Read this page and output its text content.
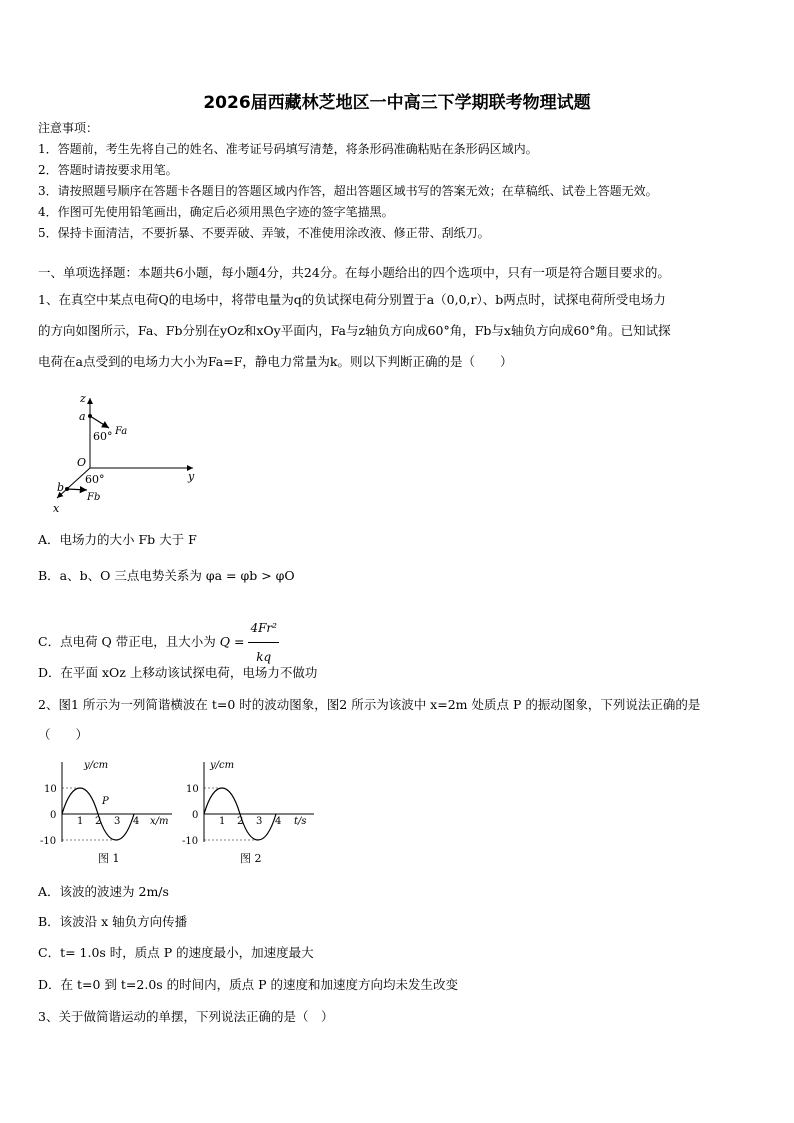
2026届西藏林芝地区一中高三下学期联考物理试题
注意事项：
1．答题前，考生先将自己的姓名、准考证号码填写清楚，将条形码准确粘贴在条形码区域内。
2．答题时请按要求用笔。
3．请按照题号顺序在答题卡各题目的答题区域内作答，超出答题区域书写的答案无效；在草稿纸、试卷上答题无效。
4．作图可先使用铅笔画出，确定后必须用黑色字迹的签字笔描黑。
5．保持卡面清洁，不要折暴、不要弄破、弄皱，不准使用涂改液、修正带、刮纸刀。
一、单项选择题：本题共6小题，每小题4分，共24分。在每小题给出的四个选项中，只有一项是符合题目要求的。
1、在真空中某点电荷Q的电场中，将带电量为q的负试探电荷分别置于a（0,0,r）、b两点时，试探电荷所受电场力
的方向如图所示，Fa、Fb分别在yOz和xOy平面内，Fa与z轴负方向成60°角，Fb与x轴负方向成60°角。已知试探
电荷在a点受到的电场力大小为Fa=F，静电力常量为k。则以下判断正确的是（　　）
z
y
x
O
a
b
60°
60°
Fa
Fb
A．电场力的大小 Fb 大于 F
B．a、b、O 三点电势关系为 φa = φb > φO
C．点电荷 Q 带正电，且大小为 $Q = \frac{\text{4Fr²}}{kq}$
D．在平面 xOz 上移动该试探电荷，电场力不做功
2、图1 所示为一列简谐横波在 t=0 时的波动图象，图2 所示为该波中 x=2m 处质点 P 的振动图象，下列说法正确的是
（　　）
y/cm
x/m
P
10
0
-10
1 2 3 4
图 1
y/cm
t/s
10
0
-10
1 2 3 4
图 2
A．该波的波速为 2m/s
B．该波沿 x 轴负方向传播
C．t= 1.0s 时，质点 P 的速度最小，加速度最大
D．在 t=0 到 t=2.0s 的时间内，质点 P 的速度和加速度方向均未发生改变
3、关于做简谐运动的单摆，下列说法正确的是（　）
